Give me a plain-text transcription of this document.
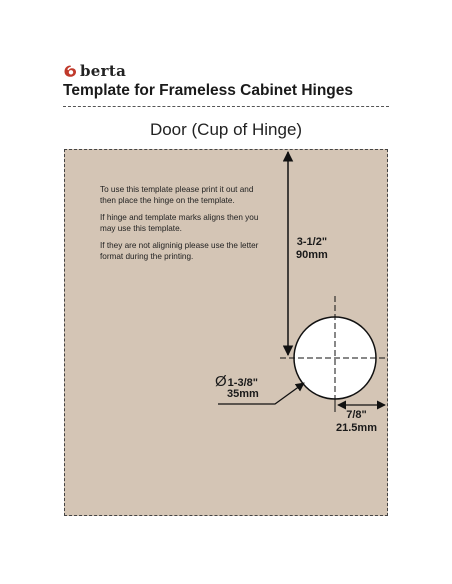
berta
Template for Frameless Cabinet Hinges
Door (Cup of Hinge)

To use this template please print it out and then place the hinge on the template.

If hinge and template marks aligns then you may use this template.

If they are not aligninig please use the letter format during the printing.

3-1/2"
90mm
Ø 1-3/8"
35mm
7/8"
21.5mm
